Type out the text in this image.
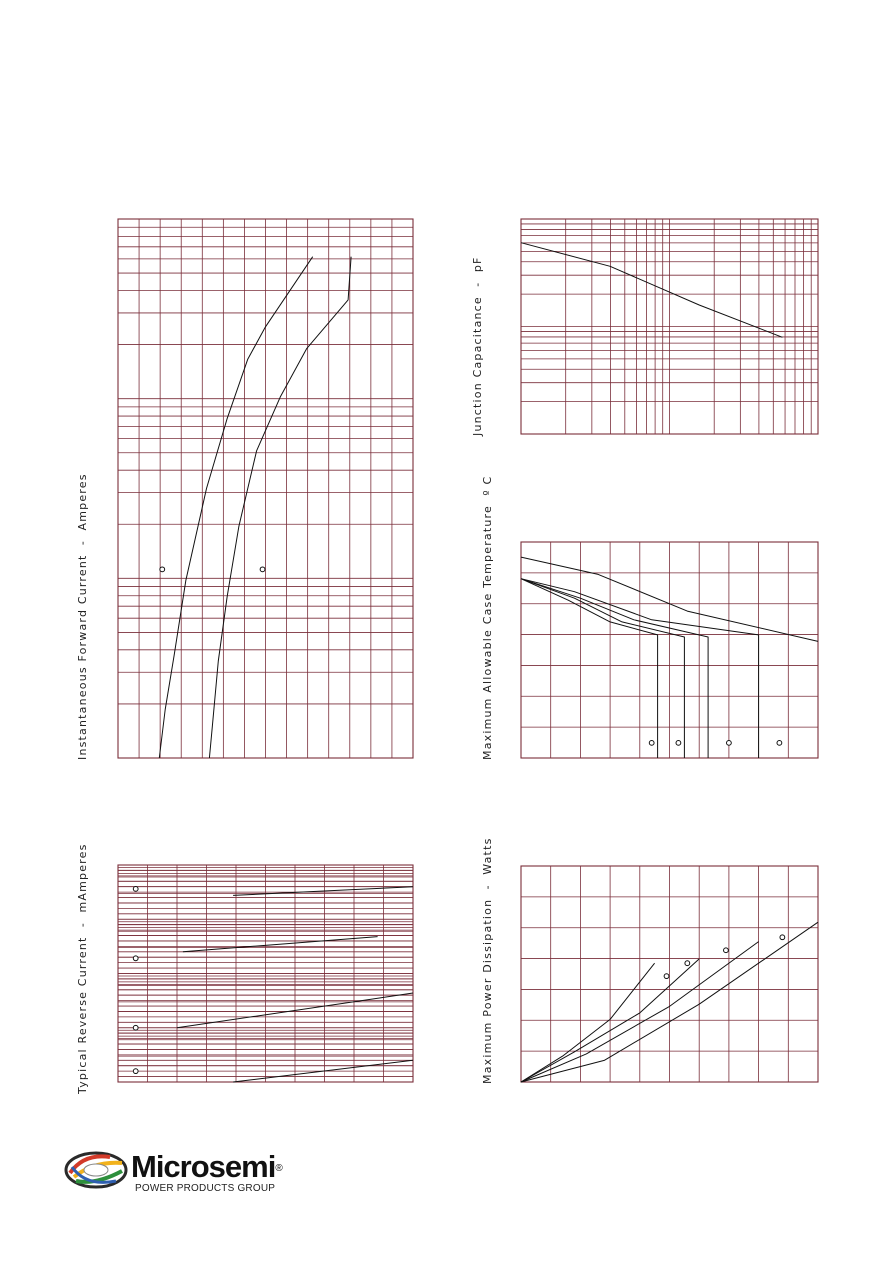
Instantaneous Forward Current  -  Amperes
Typical Reverse Current  -  mAmperes
Junction Capacitance  -  pF
Maximum Allowable Case Temperature  º C
Maximum Power Dissipation  -  Watts
Microsemi®
POWER PRODUCTS GROUP
